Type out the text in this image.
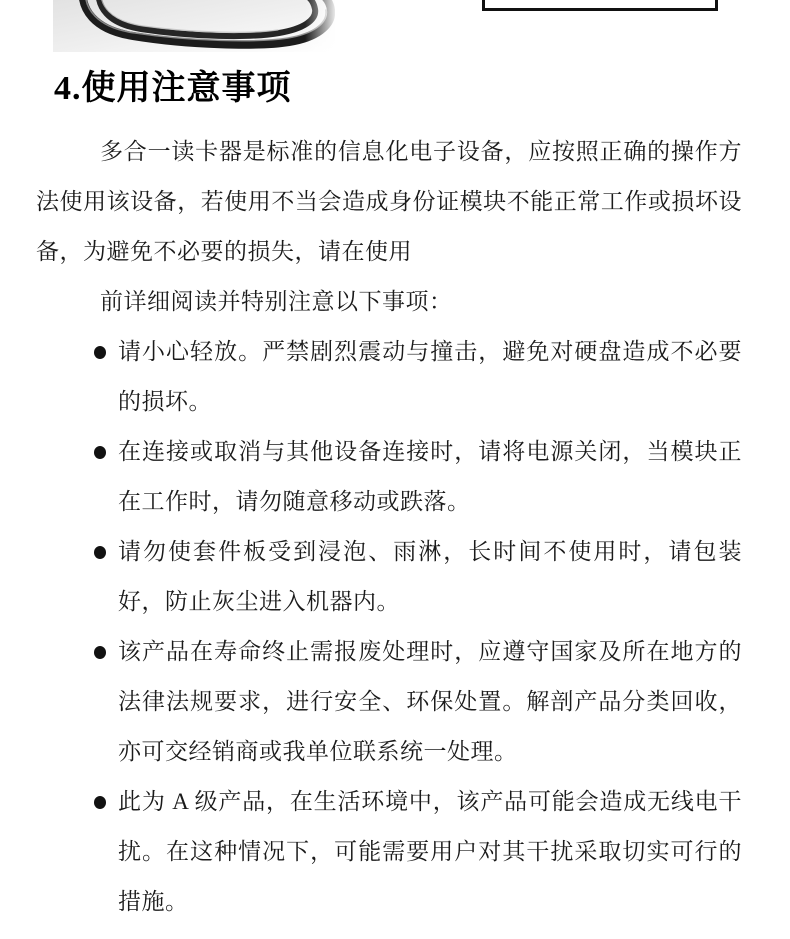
4.使用注意事项

多合一读卡器是标准的信息化电子设备，应按照正确的操作方法使用该设备，若使用不当会造成身份证模块不能正常工作或损坏设备，为避免不必要的损失，请在使用

前详细阅读并特别注意以下事项：

请小心轻放。严禁剧烈震动与撞击，避免对硬盘造成不必要的损坏。
在连接或取消与其他设备连接时，请将电源关闭，当模块正在工作时，请勿随意移动或跌落。
请勿使套件板受到浸泡、雨淋，长时间不使用时，请包装好，防止灰尘进入机器内。
该产品在寿命终止需报废处理时，应遵守国家及所在地方的法律法规要求，进行安全、环保处置。解剖产品分类回收，亦可交经销商或我单位联系统一处理。
此为 A 级产品，在生活环境中，该产品可能会造成无线电干扰。在这种情况下，可能需要用户对其干扰采取切实可行的措施。
